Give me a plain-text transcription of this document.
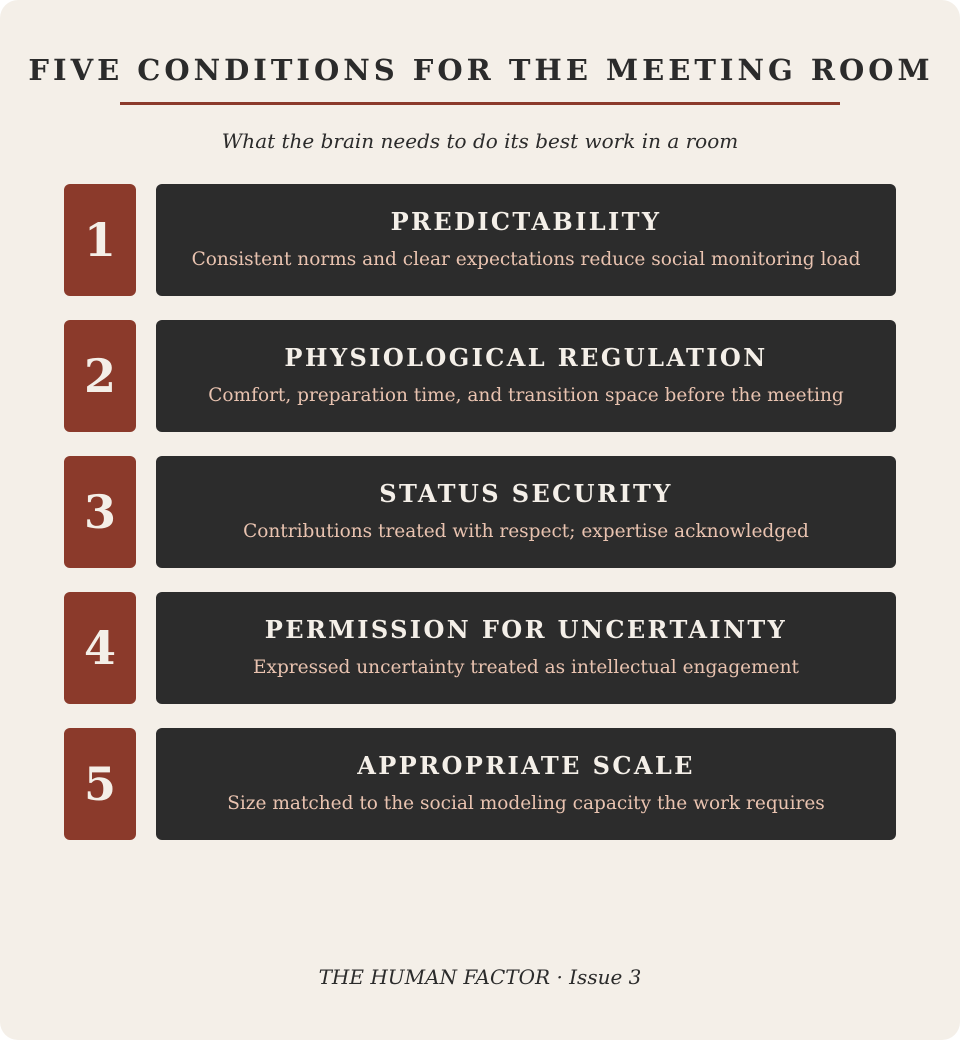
FIVE CONDITIONS FOR THE MEETING ROOM
What the brain needs to do its best work in a room
1	PREDICTABILITY
Consistent norms and clear expectations reduce social monitoring load
2	PHYSIOLOGICAL REGULATION
Comfort, preparation time, and transition space before the meeting
3	STATUS SECURITY
Contributions treated with respect; expertise acknowledged
4	PERMISSION FOR UNCERTAINTY
Expressed uncertainty treated as intellectual engagement
5	APPROPRIATE SCALE
Size matched to the social modeling capacity the work requires
THE HUMAN FACTOR · Issue 3
